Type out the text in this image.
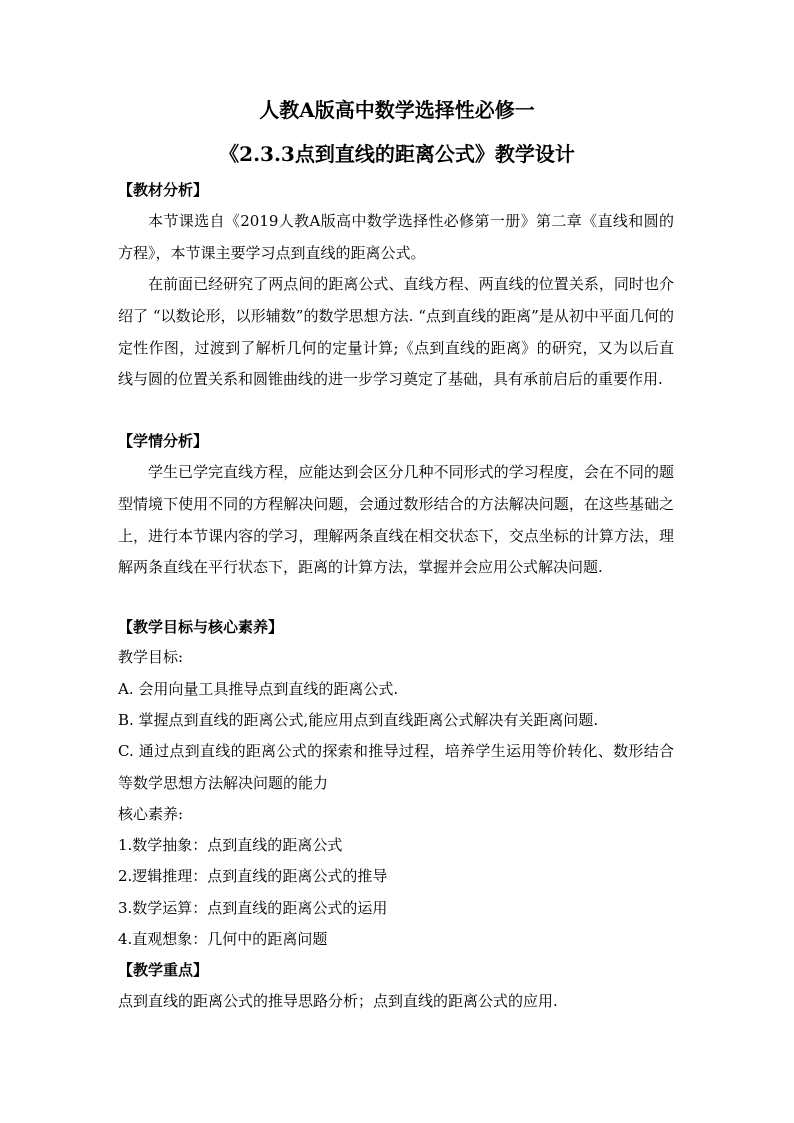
人教A版高中数学选择性必修一
《2.3.3点到直线的距离公式》教学设计
【教材分析】
本节课选自《2019人教A版高中数学选择性必修第一册》第二章《直线和圆的方程》，本节课主要学习点到直线的距离公式。
在前面已经研究了两点间的距离公式、直线方程、两直线的位置关系，同时也介绍了 “以数论形，以形辅数”的数学思想方法. “点到直线的距离”是从初中平面几何的定性作图，过渡到了解析几何的定量计算;《点到直线的距离》的研究，又为以后直线与圆的位置关系和圆锥曲线的进一步学习奠定了基础，具有承前启后的重要作用.
【学情分析】
学生已学完直线方程，应能达到会区分几种不同形式的学习程度，会在不同的题型情境下使用不同的方程解决问题，会通过数形结合的方法解决问题，在这些基础之上，进行本节课内容的学习，理解两条直线在相交状态下，交点坐标的计算方法，理解两条直线在平行状态下，距离的计算方法，掌握并会应用公式解决问题.
【教学目标与核心素养】
教学目标:
A. 会用向量工具推导点到直线的距离公式.
B. 掌握点到直线的距离公式,能应用点到直线距离公式解决有关距离问题.
C. 通过点到直线的距离公式的探索和推导过程，培养学生运用等价转化、数形结合等数学思想方法解决问题的能力
核心素养:
1.数学抽象：点到直线的距离公式
2.逻辑推理：点到直线的距离公式的推导
3.数学运算：点到直线的距离公式的运用
4.直观想象：几何中的距离问题
【教学重点】
点到直线的距离公式的推导思路分析；点到直线的距离公式的应用.
